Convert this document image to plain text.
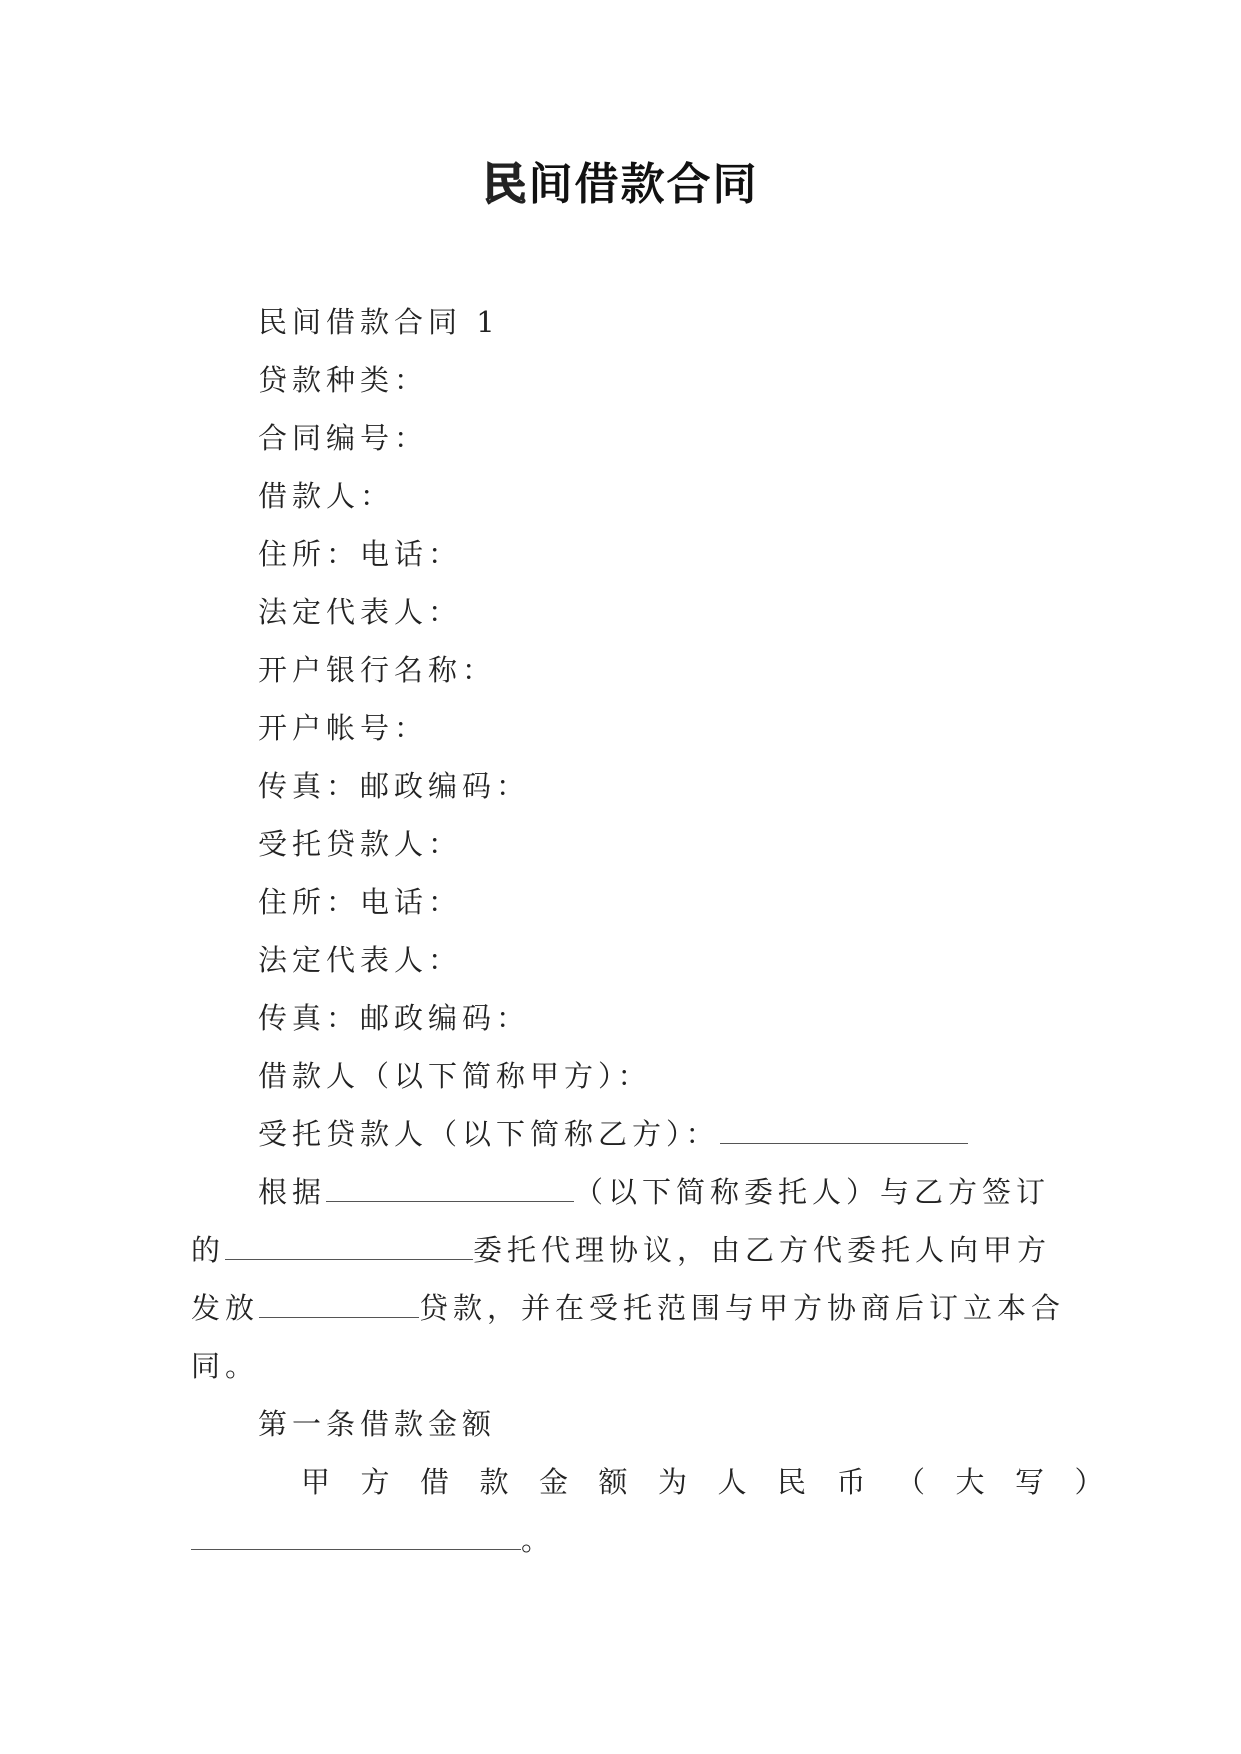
民间借款合同
民间借款合同 1
贷款种类：
合同编号：
借款人：
住所：电话：
法定代表人：
开户银行名称：
开户帐号：
传真：邮政编码：
受托贷款人：
住所：电话：
法定代表人：
传真：邮政编码：
借款人（以下简称甲方）：
受托贷款人（以下简称乙方）：
根据	（以下简称委托人）与乙方签订
的	委托代理协议，由乙方代委托人向甲方
发放	贷款，并在受托范围与甲方协商后订立本合
同。
第一条借款金额
甲方借款金额为人民币（大写）
。
